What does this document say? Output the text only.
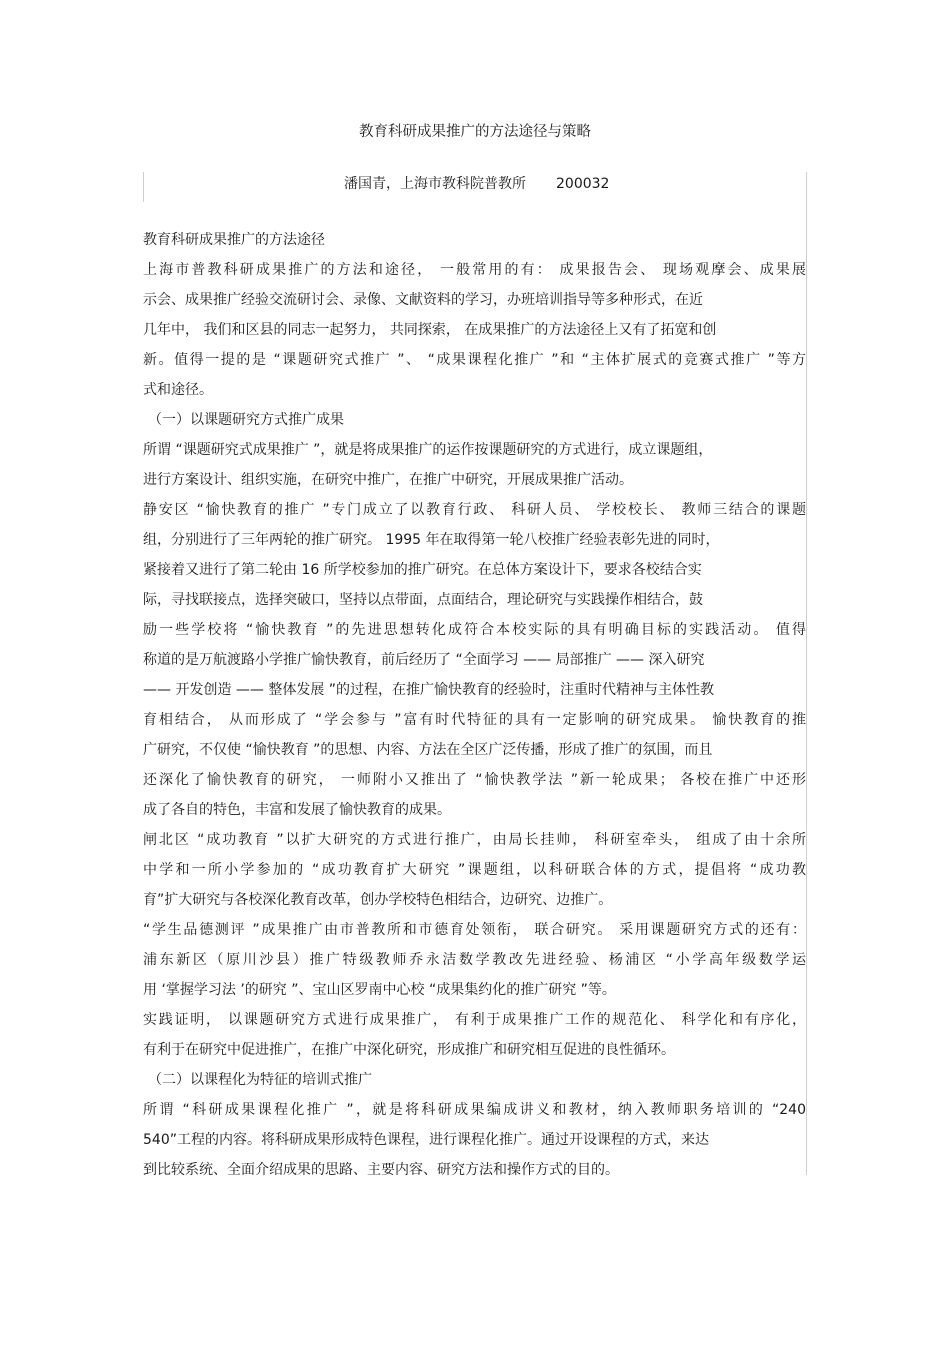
教育科研成果推广的方法途径与策略
潘国青，上海市教科院普教所 200032
教育科研成果推广的方法途径
上海市普教科研成果推广的方法和途径， 一般常用的有： 成果报告会、 现场观摩会、成果展
示会、成果推广经验交流研讨会、录像、文献资料的学习，办班培训指导等多种形式，在近
几年中， 我们和区县的同志一起努力， 共同探索， 在成果推广的方法途径上又有了拓宽和创
新。值得一提的是 “课题研究式推广 ”、 “成果课程化推广 ”和 “主体扩展式的竞赛式推广 ”等方
式和途径。
（一）以课题研究方式推广成果
所谓 “课题研究式成果推广 ”，就是将成果推广的运作按课题研究的方式进行，成立课题组，
进行方案设计、组织实施，在研究中推广，在推广中研究，开展成果推广活动。
静安区 “愉快教育的推广 ”专门成立了以教育行政、 科研人员、 学校校长、 教师三结合的课题
组，分别进行了三年两轮的推广研究。 1995 年在取得第一轮八校推广经验表彰先进的同时，
紧接着又进行了第二轮由 16 所学校参加的推广研究。在总体方案设计下，要求各校结合实
际，寻找联接点，选择突破口，坚持以点带面，点面结合，理论研究与实践操作相结合，鼓
励一些学校将 “愉快教育 ”的先进思想转化成符合本校实际的具有明确目标的实践活动。 值得
称道的是万航渡路小学推广愉快教育，前后经历了 “全面学习 —— 局部推广 —— 深入研究
—— 开发创造 —— 整体发展 ”的过程，在推广愉快教育的经验时，注重时代精神与主体性教
育相结合， 从而形成了 “学会参与 ”富有时代特征的具有一定影响的研究成果。 愉快教育的推
广研究，不仅使 “愉快教育 ”的思想、内容、方法在全区广泛传播，形成了推广的氛围，而且
还深化了愉快教育的研究， 一师附小又推出了 “愉快教学法 ”新一轮成果； 各校在推广中还形
成了各自的特色，丰富和发展了愉快教育的成果。
闸北区 “成功教育 ”以扩大研究的方式进行推广，由局长挂帅， 科研室牵头， 组成了由十余所
中学和一所小学参加的 “成功教育扩大研究 ”课题组，以科研联合体的方式，提倡将 “成功教
育”扩大研究与各校深化教育改革，创办学校特色相结合，边研究、边推广。
“学生品德测评 ”成果推广由市普教所和市德育处领衔， 联合研究。 采用课题研究方式的还有：
浦东新区（原川沙县）推广特级教师乔永洁数学教改先进经验、杨浦区 “小学高年级数学运
用 ‘掌握学习法 ’的研究 ”、宝山区罗南中心校 “成果集约化的推广研究 ”等。
实践证明， 以课题研究方式进行成果推广， 有利于成果推广工作的规范化、 科学化和有序化，
有利于在研究中促进推广，在推广中深化研究，形成推广和研究相互促进的良性循环。
（二）以课程化为特征的培训式推广
所谓 “科研成果课程化推广 ”，就是将科研成果编成讲义和教材，纳入教师职务培训的 “240
540”工程的内容。将科研成果形成特色课程，进行课程化推广。通过开设课程的方式，来达
到比较系统、全面介绍成果的思路、主要内容、研究方法和操作方式的目的。
